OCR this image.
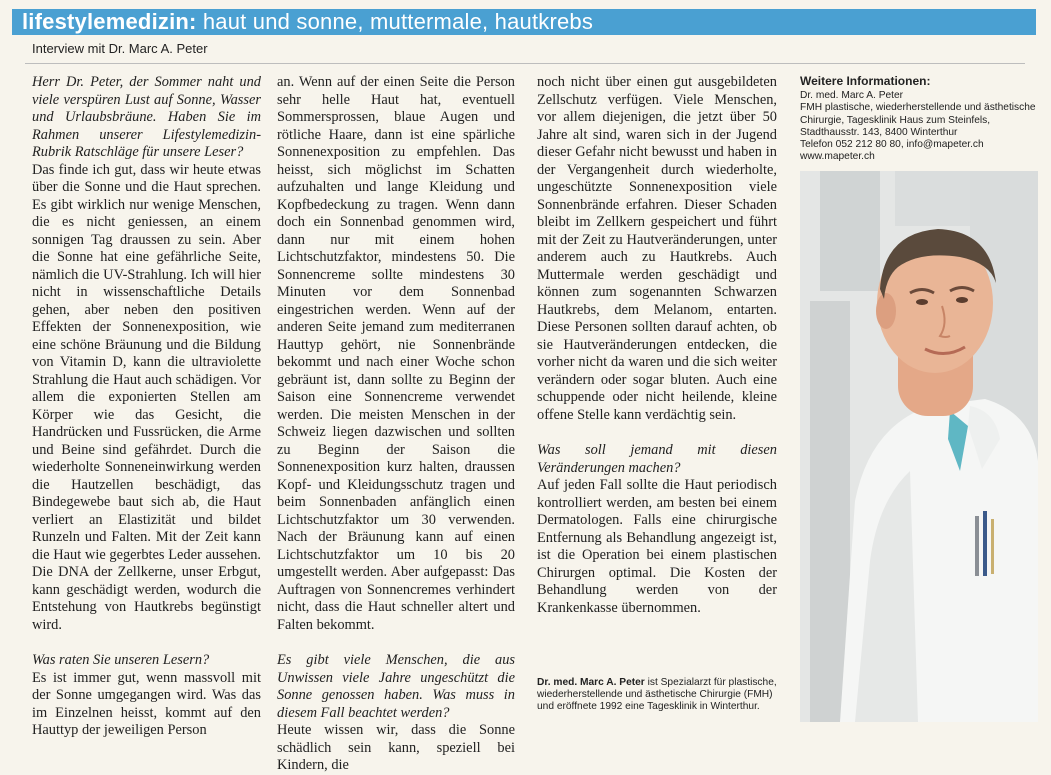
lifestylemedizin: haut und sonne, muttermale, hautkrebs
Interview mit Dr. Marc A. Peter

Herr Dr. Peter, der Sommer naht und viele verspüren Lust auf Sonne, Wasser und Urlaubsbräune. Haben Sie im Rahmen unserer Lifestylemedizin-Rubrik Ratschläge für unsere Leser?

Das finde ich gut, dass wir heute etwas über die Sonne und die Haut sprechen. Es gibt wirklich nur wenige Menschen, die es nicht geniessen, an einem sonnigen Tag draussen zu sein. Aber die Sonne hat eine gefährliche Seite, nämlich die UV-Strahlung. Ich will hier nicht in wissenschaftliche Details gehen, aber neben den positiven Effekten der Sonnenexposition, wie eine schöne Bräunung und die Bildung von Vitamin D, kann die ultraviolette Strahlung die Haut auch schädigen. Vor allem die exponierten Stellen am Körper wie das Gesicht, die Handrücken und Fussrücken, die Arme und Beine sind gefährdet. Durch die wiederholte Sonneneinwirkung werden die Hautzellen beschädigt, das Bindegewebe baut sich ab, die Haut verliert an Elastizität und bildet Runzeln und Falten. Mit der Zeit kann die Haut wie gegerbtes Leder aussehen. Die DNA der Zellkerne, unser Erbgut, kann geschädigt werden, wodurch die Entstehung von Hautkrebs begünstigt wird.

Was raten Sie unseren Lesern?

Es ist immer gut, wenn massvoll mit der Sonne umgegangen wird. Was das im Einzelnen heisst, kommt auf den Hauttyp der jeweiligen Person

an. Wenn auf der einen Seite die Person sehr helle Haut hat, eventuell Sommersprossen, blaue Augen und rötliche Haare, dann ist eine spärliche Sonnenexposition zu empfehlen. Das heisst, sich möglichst im Schatten aufzuhalten und lange Kleidung und Kopfbedeckung zu tragen. Wenn dann doch ein Sonnenbad genommen wird, dann nur mit einem hohen Lichtschutzfaktor, mindestens 50. Die Sonnencreme sollte mindestens 30 Minuten vor dem Sonnenbad eingestrichen werden. Wenn auf der anderen Seite jemand zum mediterranen Hauttyp gehört, nie Sonnenbrände bekommt und nach einer Woche schon gebräunt ist, dann sollte zu Beginn der Saison eine Sonnencreme verwendet werden. Die meisten Menschen in der Schweiz liegen dazwischen und sollten zu Beginn der Saison die Sonnenexposition kurz halten, draussen Kopf- und Kleidungsschutz tragen und beim Sonnenbaden anfänglich einen Lichtschutzfaktor um 30 verwenden. Nach der Bräunung kann auf einen Lichtschutzfaktor um 10 bis 20 umgestellt werden. Aber aufgepasst: Das Auftragen von Sonnencremes verhindert nicht, dass die Haut schneller altert und Falten bekommt.

Es gibt viele Menschen, die aus Unwissen viele Jahre ungeschützt die Sonne genossen haben. Was muss in diesem Fall beachtet werden?

Heute wissen wir, dass die Sonne schädlich sein kann, speziell bei Kindern, die

noch nicht über einen gut ausgebildeten Zellschutz verfügen. Viele Menschen, vor allem diejenigen, die jetzt über 50 Jahre alt sind, waren sich in der Jugend dieser Gefahr nicht bewusst und haben in der Vergangenheit durch wiederholte, ungeschützte Sonnenexposition viele Sonnenbrände erfahren. Dieser Schaden bleibt im Zellkern gespeichert und führt mit der Zeit zu Hautveränderungen, unter anderem auch zu Hautkrebs. Auch Muttermale werden geschädigt und können zum sogenannten Schwarzen Hautkrebs, dem Melanom, entarten. Diese Personen sollten darauf achten, ob sie Hautveränderungen entdecken, die vorher nicht da waren und die sich weiter verändern oder sogar bluten. Auch eine schuppende oder nicht heilende, kleine offene Stelle kann verdächtig sein.

Was soll jemand mit diesen Veränderungen machen?

Auf jeden Fall sollte die Haut periodisch kontrolliert werden, am besten bei einem Dermatologen. Falls eine chirurgische Entfernung als Behandlung angezeigt ist, ist die Operation bei einem plastischen Chirurgen optimal. Die Kosten der Behandlung werden von der Krankenkasse übernommen.

Weitere Informationen:
Dr. med. Marc A. Peter
FMH plastische, wiederherstellende und ästhetische Chirurgie, Tagesklinik Haus zum Steinfels, Stadthausstr. 143, 8400 Winterthur
Telefon 052 212 80 80, info@mapeter.ch
www.mapeter.ch
Dr. med. Marc A. Peter ist Spezialarzt für plastische, wiederherstellende und ästhetische Chirurgie (FMH) und eröffnete 1992 eine Tagesklinik in Winterthur.
